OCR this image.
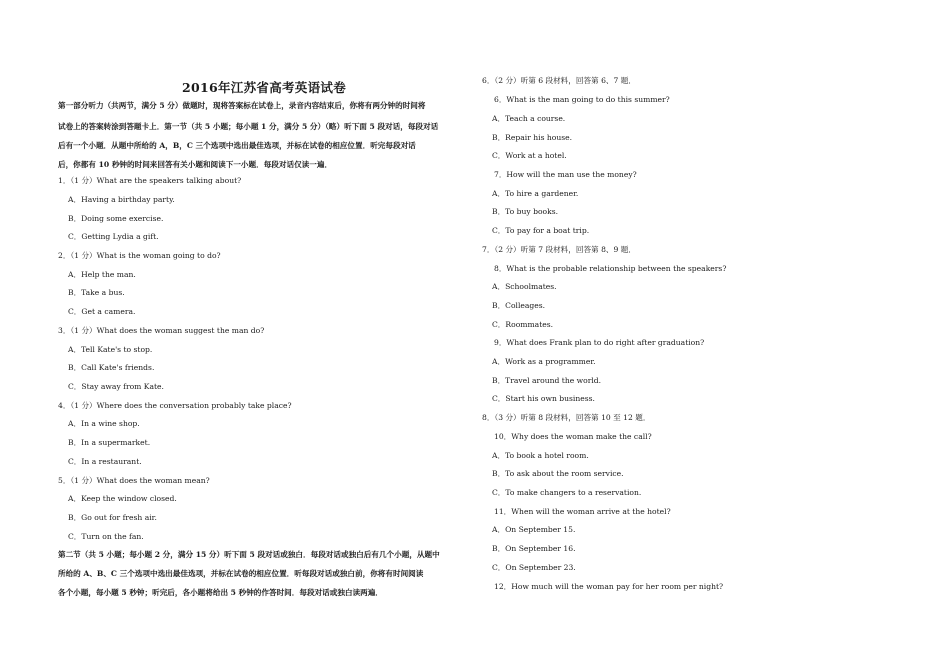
2016年江苏省高考英语试卷
第一部分听力（共两节，满分 5 分）做题时，现将答案标在试卷上，录音内容结束后，你将有两分钟的时间将
试卷上的答案转涂到答题卡上．第一节（共 5 小题；每小题 1 分，满分 5 分）（略）听下面 5 段对话，每段对话
后有一个小题．从题中所给的 A，B，C 三个选项中选出最佳选项，并标在试卷的相应位置．听完每段对话
后，你都有 10 秒钟的时间来回答有关小题和阅读下一小题．每段对话仅读一遍．
1．（1 分）What are the speakers talking about?
A．Having a birthday party.
B．Doing some exercise.
C．Getting Lydia a gift.
2．（1 分）What is the woman going to do?
A．Help the man.
B．Take a bus.
C．Get a camera.
3．（1 分）What does the woman suggest the man do?
A．Tell Kate's to stop.
B．Call Kate's friends.
C．Stay away from Kate.
4．（1 分）Where does the conversation probably take place?
A．In a wine shop.
B．In a supermarket.
C．In a restaurant.
5．（1 分）What does the woman mean?
A．Keep the window closed.
B．Go out for fresh air.
C．Turn on the fan.
第二节（共 5 小题；每小题 2 分，满分 15 分）听下面 5 段对话或独白．每段对话或独白后有几个小题，从题中
所给的 A、B、C 三个选项中选出最佳选项，并标在试卷的相应位置．听每段对话或独白前，你将有时间阅读
各个小题，每小题 5 秒钟；听完后，各小题将给出 5 秒钟的作答时间．每段对话或独白读两遍．
6．（2 分）听第 6 段材料，回答第 6、7 题．
6．What is the man going to do this summer?
A．Teach a course.
B．Repair his house.
C．Work at a hotel.
7．How will the man use the money?
A．To hire a gardener.
B．To buy books.
C．To pay for a boat trip.
7．（2 分）听第 7 段材料，回答第 8、9 题．
8．What is the probable relationship between the speakers?
A．Schoolmates.
B．Colleages.
C．Roommates.
9．What does Frank plan to do right after graduation?
A．Work as a programmer.
B．Travel around the world.
C．Start his own business.
8．（3 分）听第 8 段材料，回答第 10 至 12 题．
10．Why does the woman make the call?
A．To book a hotel room.
B．To ask about the room service.
C．To make changers to a reservation.
11．When will the woman arrive at the hotel?
A．On September 15.
B．On September 16.
C．On September 23.
12．How much will the woman pay for her room per night?
